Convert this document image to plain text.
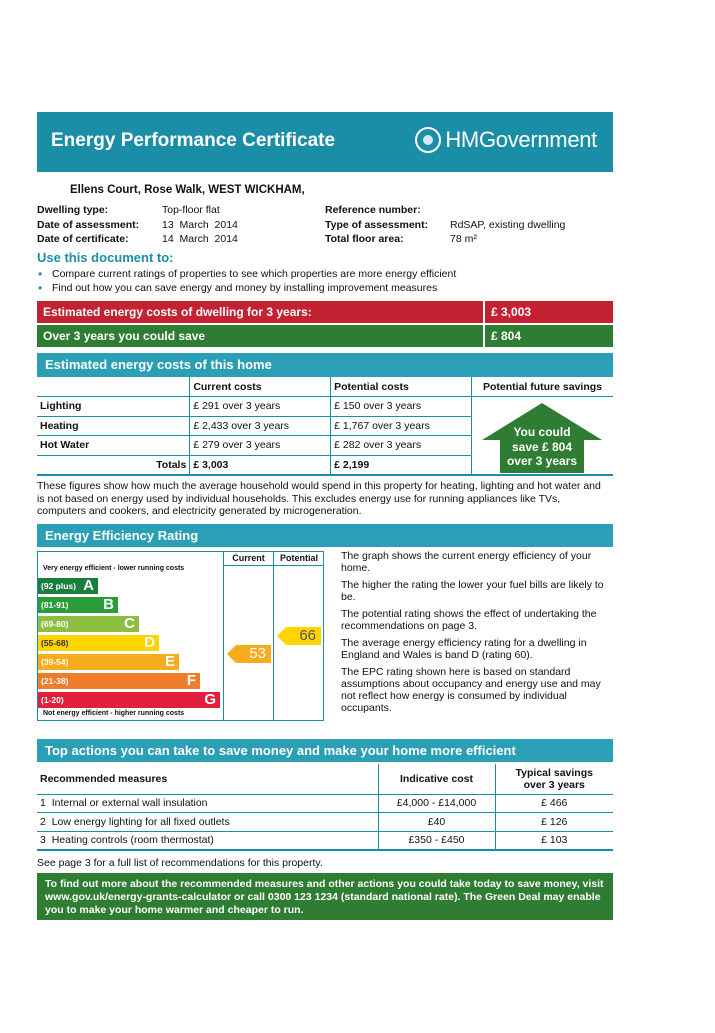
Energy Performance Certificate	HMGovernment
Ellens Court, Rose Walk, WEST WICKHAM,
Dwelling type:	Top-floor flat
Date of assessment: 13  March  2014
Date of certificate:	14  March  2014
Reference number:
Type of assessment: RdSAP, existing dwelling
Total floor area:	78 m²
Use this document to:
• Compare current ratings of properties to see which properties are more energy efficient
• Find out how you can save energy and money by installing improvement measures
Estimated energy costs of dwelling for 3 years:	£ 3,003
Over 3 years you could save	£ 804
Estimated energy costs of this home
	Current costs	Potential costs
Lighting	£ 291 over 3 years	£ 150 over 3 years
Heating	£ 2,433 over 3 years	£ 1,767 over 3 years
Hot Water	£ 279 over 3 years	£ 282 over 3 years
Totals	£ 3,003	£ 2,199
Potential future savings
You could
save £ 804
over 3 years
These figures show how much the average household would spend in this property for heating, lighting and hot water and is not based on energy used by individual households. This excludes energy use for running appliances like TVs, computers and cookers, and electricity generated by microgeneration.
Energy Efficiency Rating
Very energy efficient - lower running costs
(92 plus) A
(81-91) B
(69-80)	C
(55-68)	D
(39-54)	E
(21-38)	F
(1-20)	G
Not energy efficient - higher running costs
Current	Potential
53
66

The graph shows the current energy efficiency of your home.

The higher the rating the lower your fuel bills are likely to be.

The potential rating shows the effect of undertaking the recommendations on page 3.

The average energy efficiency rating for a dwelling in England and Wales is band D (rating 60).

The EPC rating shown here is based on standard assumptions about occupancy and energy use and may not reflect how energy is consumed by individual occupants.

Top actions you can take to save money and make your home more efficient
Recommended measures	Indicative cost	Typical savings
over 3 years

1 Internal or external wall insulation	£4,000 - £14,000	£ 466
2 Low energy lighting for all fixed outlets	£40	£ 126
3 Heating controls (room thermostat)	£350 - £450	£ 103
See page 3 for a full list of recommendations for this property.
To find out more about the recommended measures and other actions you could take today to save money, visit www.gov.uk/energy-grants-calculator or call 0300 123 1234 (standard national rate). The Green Deal may enable you to make your home warmer and cheaper to run.
